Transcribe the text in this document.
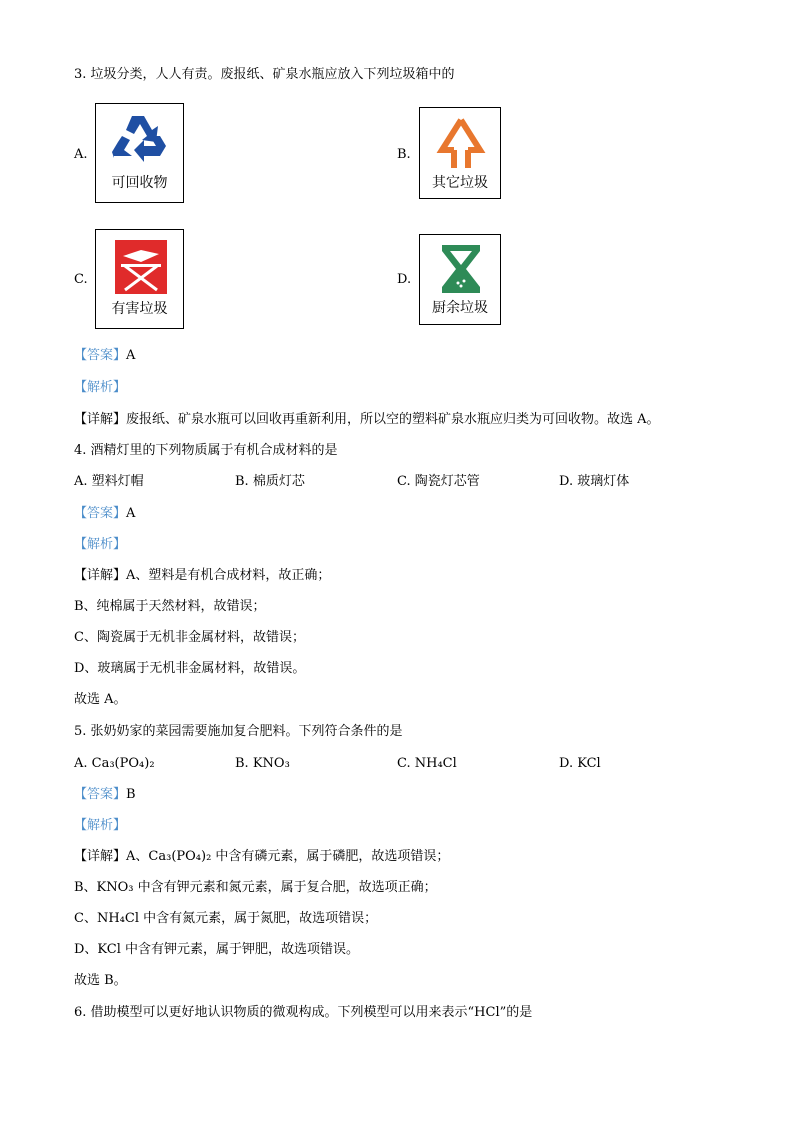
3. 垃圾分类，人人有责。废报纸、矿泉水瓶应放入下列垃圾箱中的
A.
可回收物
B.
其它垃圾
C.
有害垃圾
D.
厨余垃圾
【答案】A
【解析】
【详解】废报纸、矿泉水瓶可以回收再重新利用，所以空的塑料矿泉水瓶应归类为可回收物。故选 A。
4. 酒精灯里的下列物质属于有机合成材料的是
A. 塑料灯帽	B. 棉质灯芯	C. 陶瓷灯芯管	D. 玻璃灯体
【答案】A
【解析】
【详解】A、塑料是有机合成材料，故正确；
B、纯棉属于天然材料，故错误；
C、陶瓷属于无机非金属材料，故错误；
D、玻璃属于无机非金属材料，故错误。
故选 A。
5. 张奶奶家的菜园需要施加复合肥料。下列符合条件的是
A. Ca₃(PO₄)₂	B. KNO₃	C. NH₄Cl	D. KCl
【答案】B
【解析】
【详解】A、Ca₃(PO₄)₂ 中含有磷元素，属于磷肥，故选项错误；
B、KNO₃ 中含有钾元素和氮元素，属于复合肥，故选项正确；
C、NH₄Cl 中含有氮元素，属于氮肥，故选项错误；
D、KCl 中含有钾元素，属于钾肥，故选项错误。
故选 B。
6. 借助模型可以更好地认识物质的微观构成。下列模型可以用来表示“HCl”的是
